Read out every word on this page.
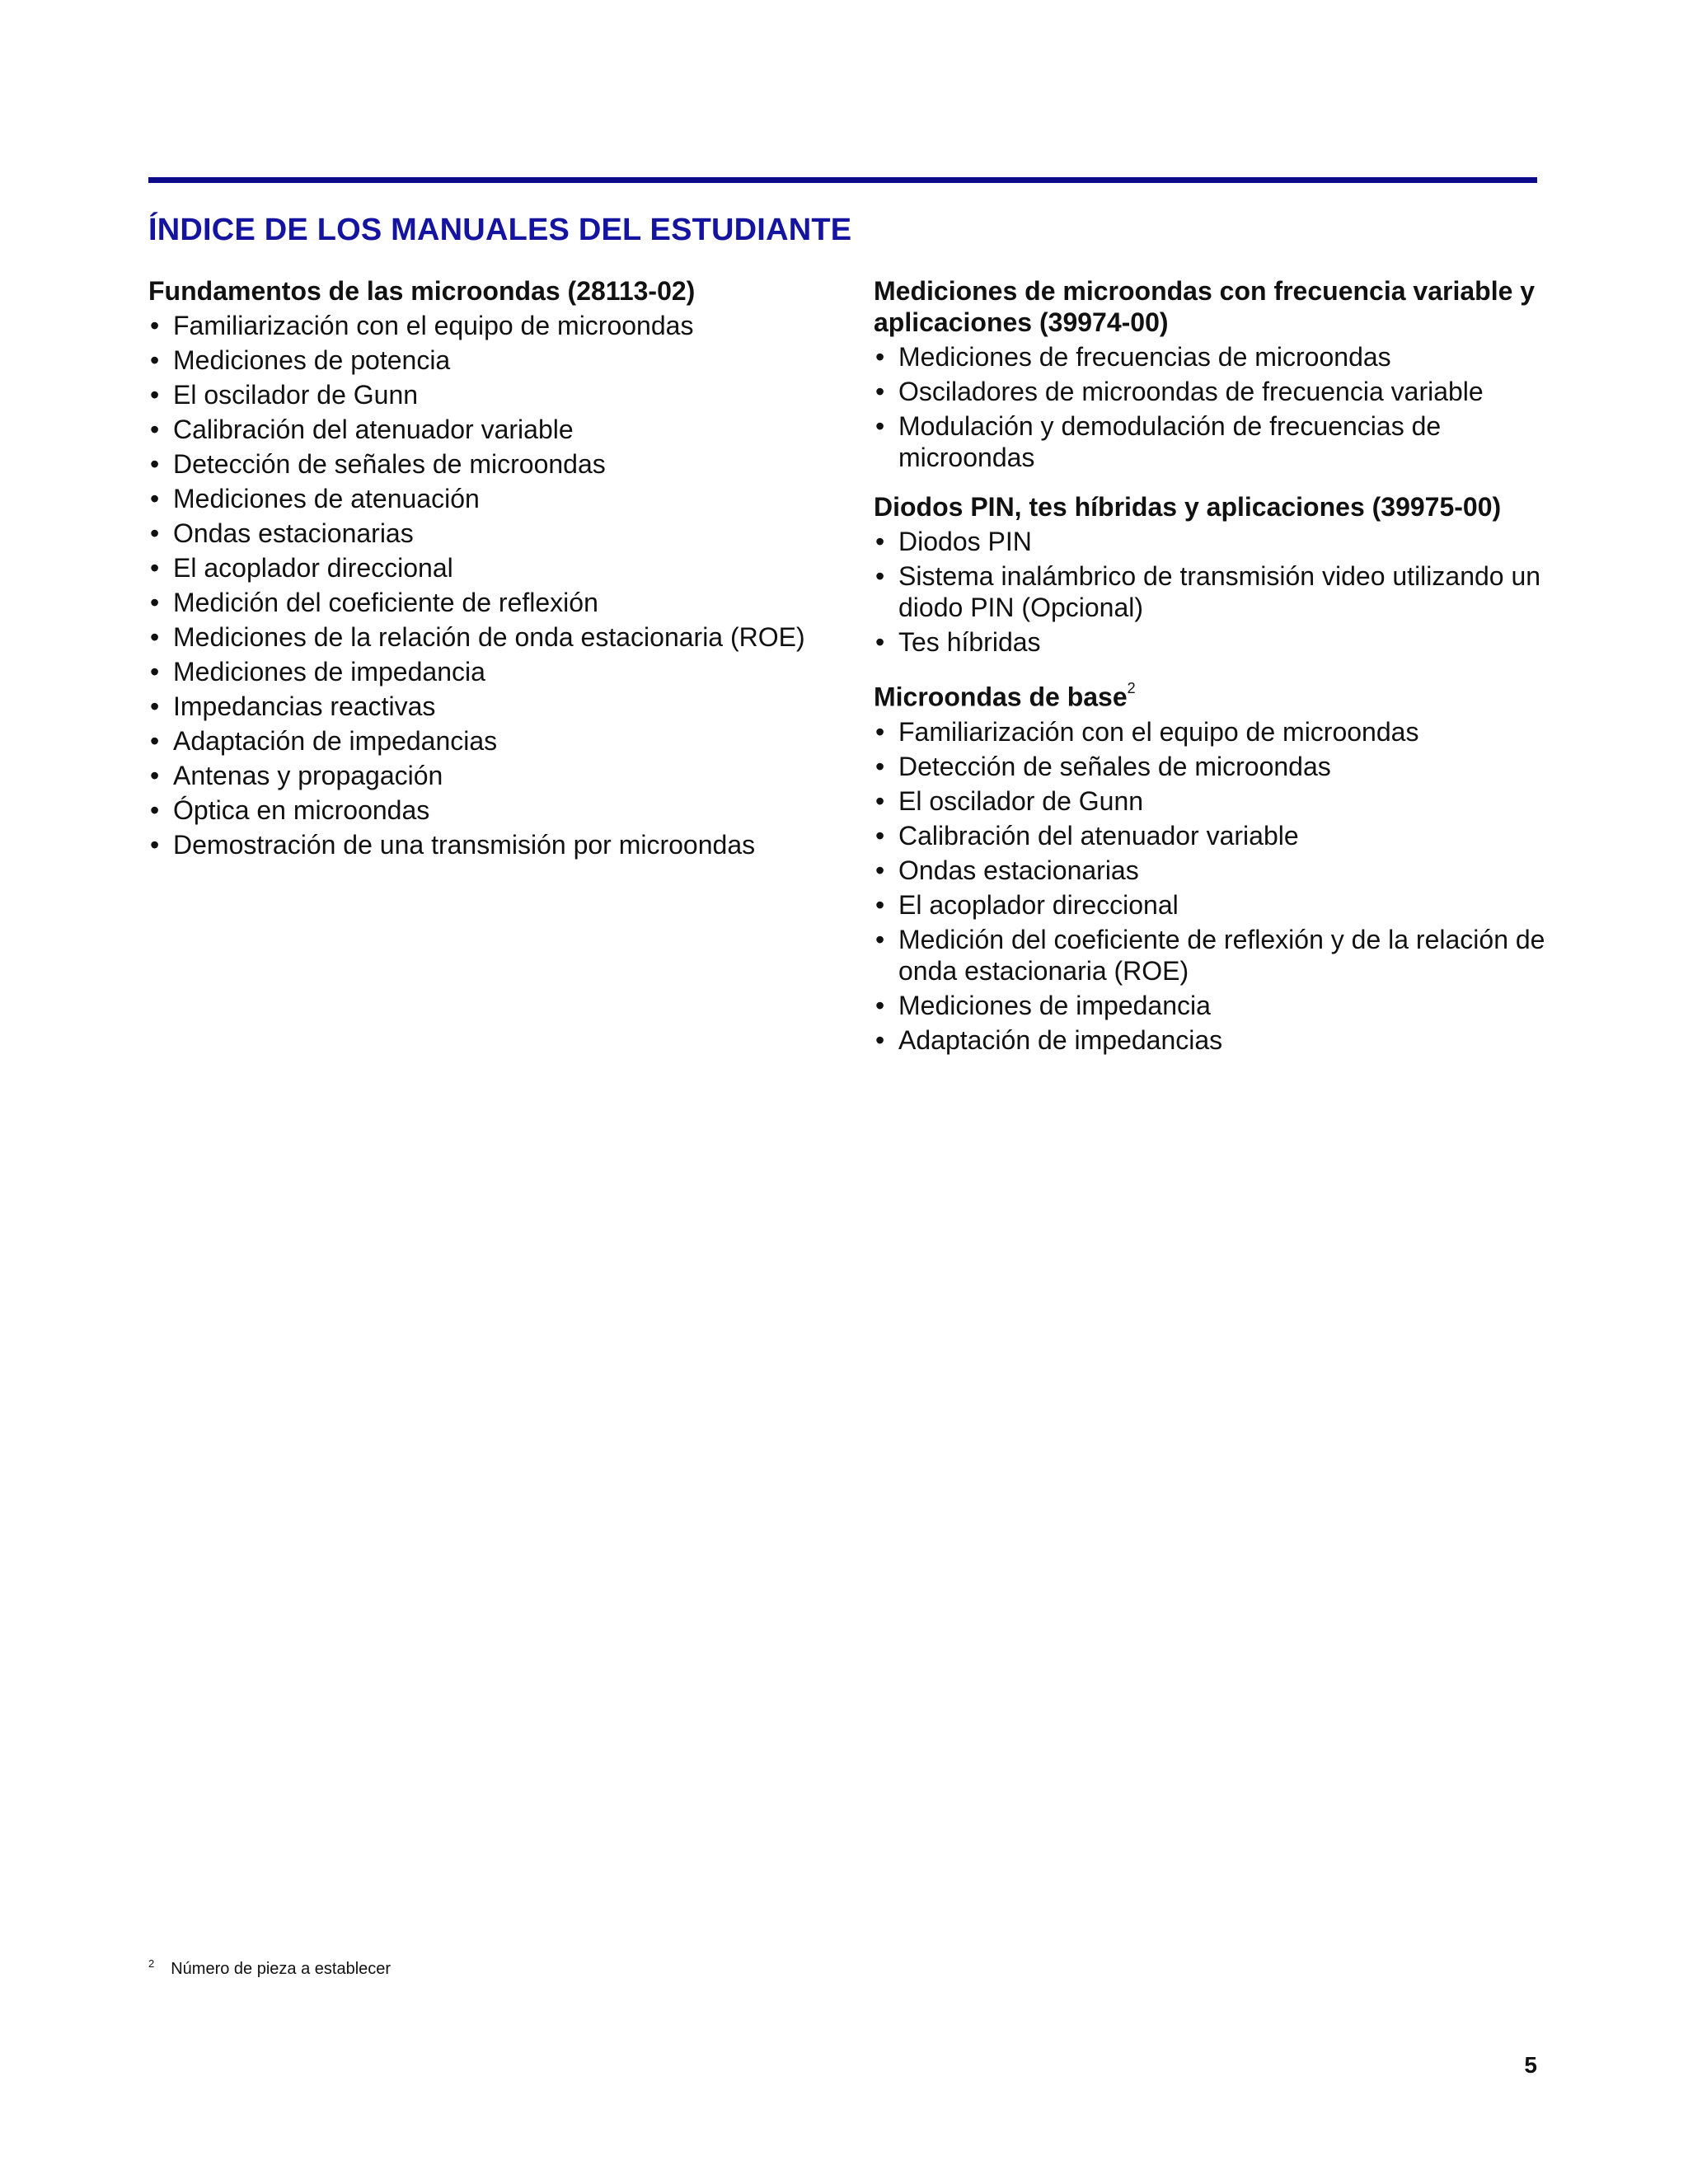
ÍNDICE DE LOS MANUALES DEL ESTUDIANTE

Fundamentos de las microondas (28113-02)

• Familiarización con el equipo de microondas
• Mediciones de potencia
• El oscilador de Gunn
• Calibración del atenuador variable
• Detección de señales de microondas
• Mediciones de atenuación
• Ondas estacionarias
• El acoplador direccional
• Medición del coeficiente de reflexión
• Mediciones de la relación de onda estacionaria (ROE)
• Mediciones de impedancia
• Impedancias reactivas
• Adaptación de impedancias
• Antenas y propagación
• Óptica en microondas
• Demostración de una transmisión por microondas

Mediciones de microondas con frecuencia variable y aplicaciones (39974-00)

• Mediciones de frecuencias de microondas
• Osciladores de microondas de frecuencia variable
• Modulación y demodulación de frecuencias de microondas

Diodos PIN, tes híbridas y aplicaciones (39975-00)

• Diodos PIN
• Sistema inalámbrico de transmisión video utilizando un diodo PIN (Opcional)
• Tes híbridas

Microondas de base$^2$

• Familiarización con el equipo de microondas
• Detección de señales de microondas
• El oscilador de Gunn
• Calibración del atenuador variable
• Ondas estacionarias
• El acoplador direccional
• Medición del coeficiente de reflexión y de la relación de onda estacionaria (ROE)
• Mediciones de impedancia
• Adaptación de impedancias
$^2$ Número de pieza a establecer
5
